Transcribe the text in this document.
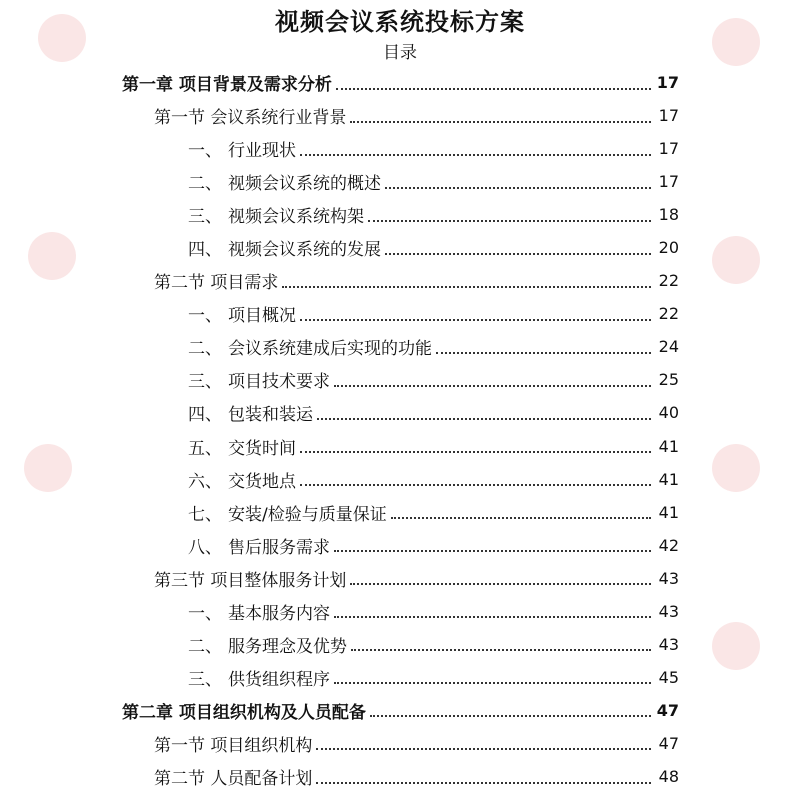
视频会议系统投标方案
目录
第一章 项目背景及需求分析	17
第一节 会议系统行业背景	17
一、 行业现状	17
二、 视频会议系统的概述	17
三、 视频会议系统构架	18
四、 视频会议系统的发展	20
第二节 项目需求	22
一、 项目概况	22
二、 会议系统建成后实现的功能	24
三、 项目技术要求	25
四、 包装和装运	40
五、 交货时间	41
六、 交货地点	41
七、 安装/检验与质量保证	41
八、 售后服务需求	42
第三节 项目整体服务计划	43
一、 基本服务内容	43
二、 服务理念及优势	43
三、 供货组织程序	45
第二章 项目组织机构及人员配备	47
第一节 项目组织机构	47
第二节 人员配备计划	48
